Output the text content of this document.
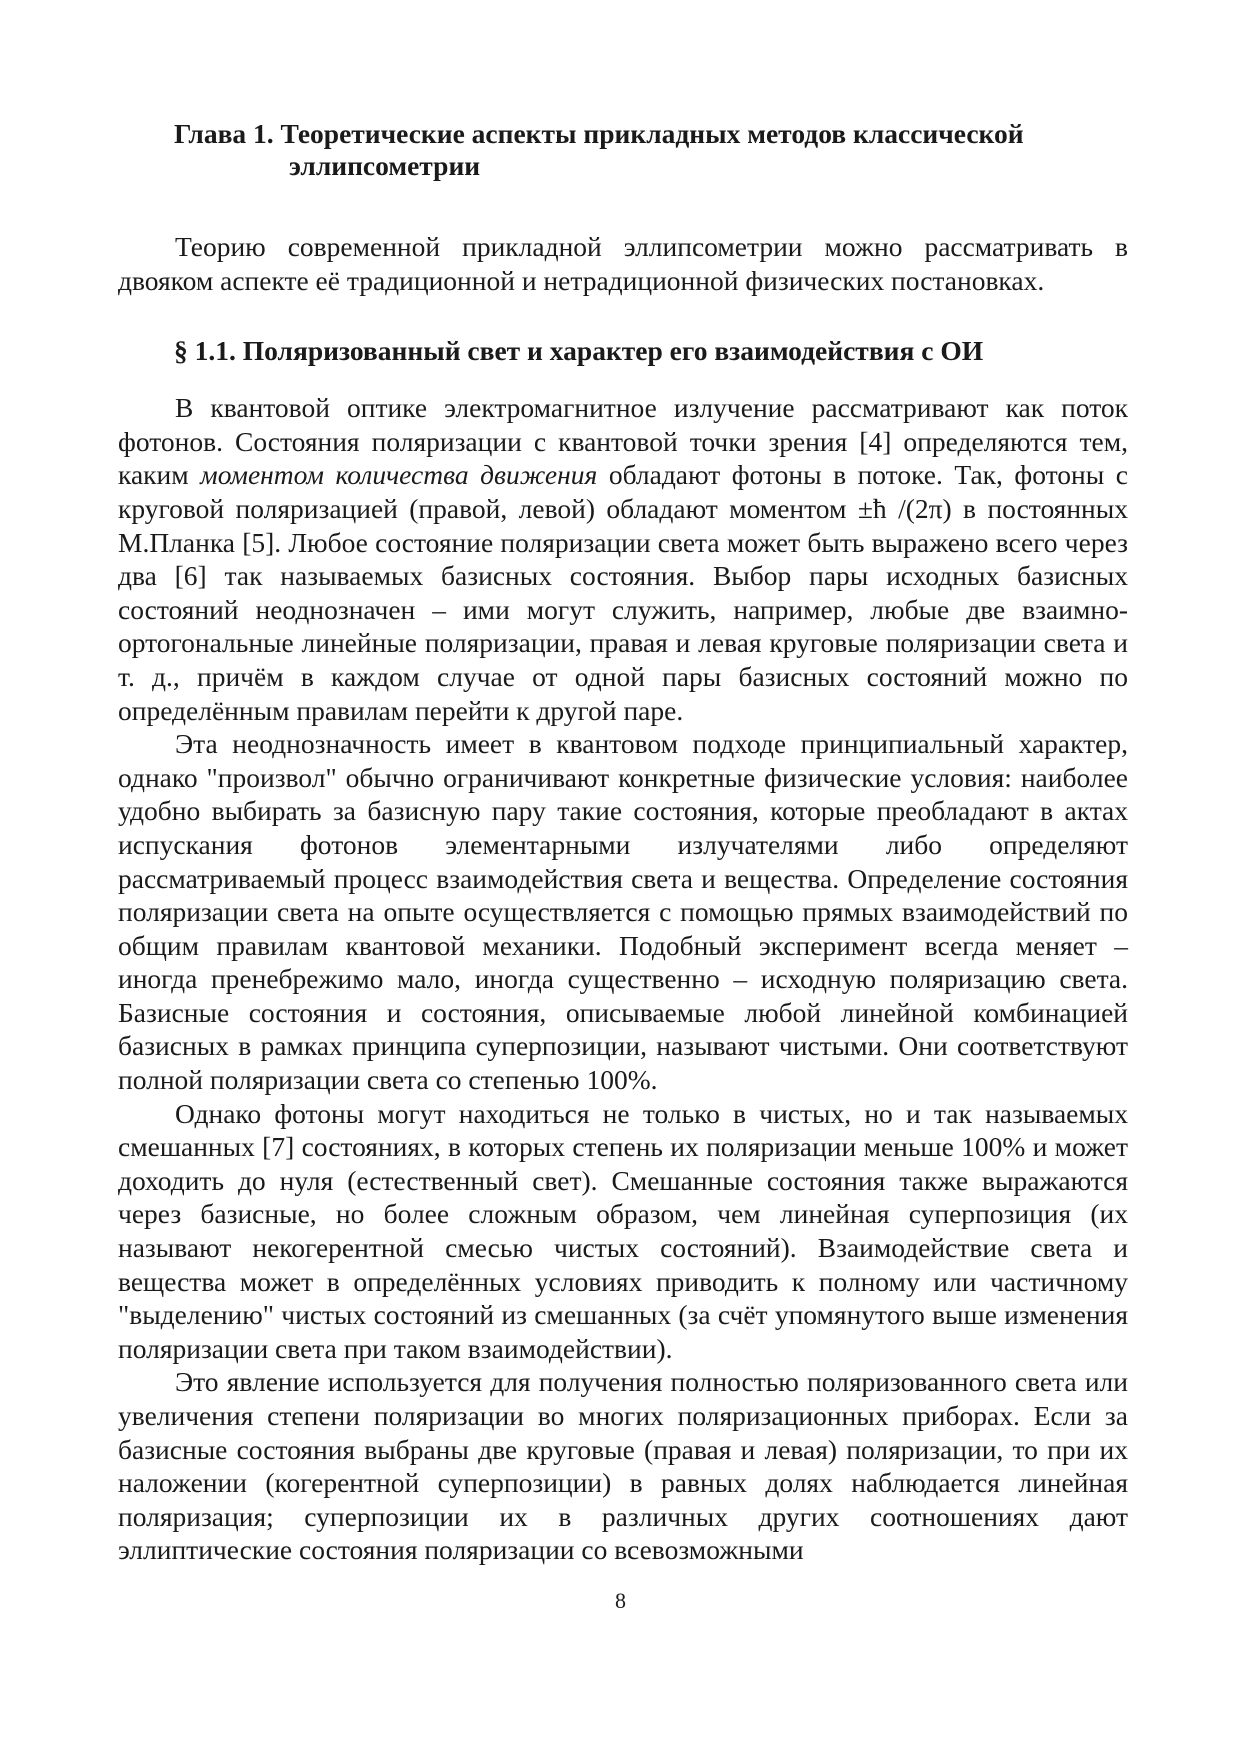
Глава 1. Теоретические аспекты прикладных методов классической
эллипсометрии

Теорию современной прикладной эллипсометрии можно рассматривать в двояком аспекте её традиционной и нетрадиционной физических постановках.

§ 1.1. Поляризованный свет и характер его взаимодействия с ОИ

В квантовой оптике электромагнитное излучение рассматривают как поток фотонов. Состояния поляризации с квантовой точки зрения [4] определяются тем, каким моментом количества движения обладают фотоны в потоке. Так, фотоны с круговой поляризацией (правой, левой) обладают моментом ±ħ /(2π) в постоянных М.Планка [5]. Любое состояние поляризации света может быть выражено всего через два [6] так называемых базисных состояния. Выбор пары исходных базисных состояний неоднозначен – ими могут служить, например, любые две взаимно-ортогональные линейные поляризации, правая и левая круговые поляризации света и т. д., причём в каждом случае от одной пары базисных состояний можно по определённым правилам перейти к другой паре.

Эта неоднозначность имеет в квантовом подходе принципиальный характер, однако "произвол" обычно ограничивают конкретные физические условия: наиболее удобно выбирать за базисную пару такие состояния, которые преобладают в актах испускания фотонов элементарными излучателями либо определяют рассматриваемый процесс взаимодействия света и вещества. Определение состояния поляризации света на опыте осуществляется с помощью прямых взаимодействий по общим правилам квантовой механики. Подобный эксперимент всегда меняет – иногда пренебрежимо мало, иногда существенно – исходную поляризацию света. Базисные состояния и состояния, описываемые любой линейной комбинацией базисных в рамках принципа суперпозиции, называют чистыми. Они соответствуют полной поляризации света со степенью 100%.

Однако фотоны могут находиться не только в чистых, но и так называемых смешанных [7] состояниях, в которых степень их поляризации меньше 100% и может доходить до нуля (естественный свет). Смешанные состояния также выражаются через базисные, но более сложным образом, чем линейная суперпозиция (их называют некогерентной смесью чистых состояний). Взаимодействие света и вещества может в определённых условиях приводить к полному или частичному "выделению" чистых состояний из смешанных (за счёт упомянутого выше изменения поляризации света при таком взаимодействии).

Это явление используется для получения полностью поляризованного света или увеличения степени поляризации во многих поляризационных приборах. Если за базисные состояния выбраны две круговые (правая и левая) поляризации, то при их наложении (когерентной суперпозиции) в равных долях наблюдается линейная поляризация; суперпозиции их в различных других соотношениях дают эллиптические состояния поляризации со всевозможными

8
